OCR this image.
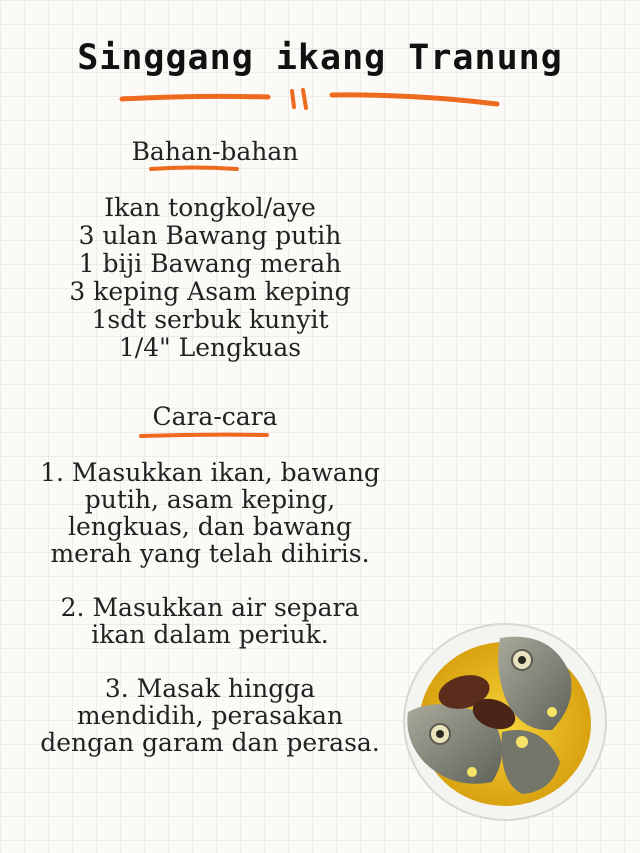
Singgang ikang Tranung
Bahan-bahan
Ikan tongkol/aye
3 ulan Bawang putih
1 biji Bawang merah
3 keping Asam keping
1sdt serbuk kunyit
1/4" Lengkuas
Cara-cara
1. Masukkan ikan, bawang
putih, asam keping,
lengkuas, dan bawang
merah yang telah dihiris.
2. Masukkan air separa
ikan dalam periuk.
3. Masak hingga
mendidih, perasakan
dengan garam dan perasa.
